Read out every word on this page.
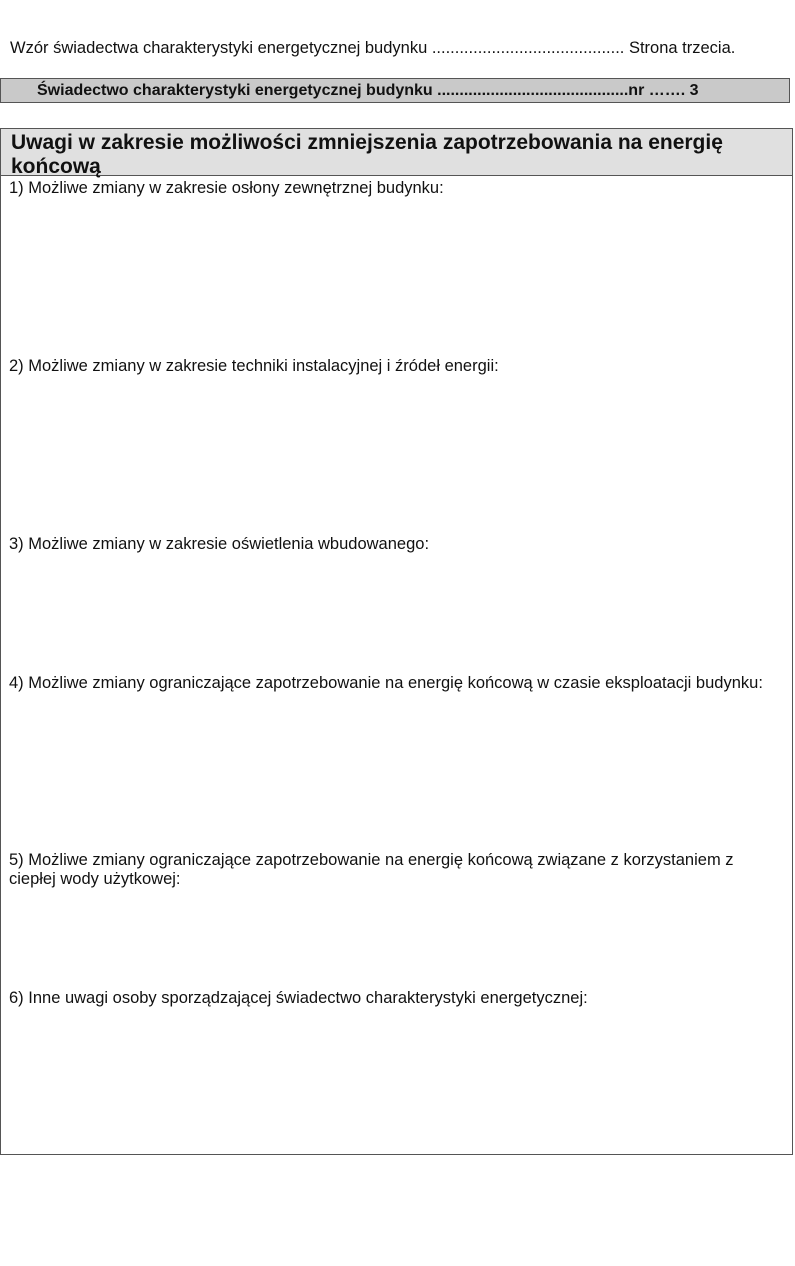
Wzór świadectwa charakterystyki energetycznej budynku .......................................... Strona trzecia.
Świadectwo charakterystyki energetycznej budynku ...........................................nr ……. 3
Uwagi w zakresie możliwości zmniejszenia zapotrzebowania na energię końcową
1) Możliwe zmiany w zakresie osłony zewnętrznej budynku:
2) Możliwe zmiany w zakresie techniki instalacyjnej i źródeł energii:
3) Możliwe zmiany w zakresie oświetlenia wbudowanego:
4) Możliwe zmiany ograniczające zapotrzebowanie na energię końcową w czasie eksploatacji budynku:
5) Możliwe zmiany ograniczające zapotrzebowanie na energię końcową związane z korzystaniem z ciepłej wody użytkowej:
6) Inne uwagi osoby sporządzającej świadectwo charakterystyki energetycznej:
